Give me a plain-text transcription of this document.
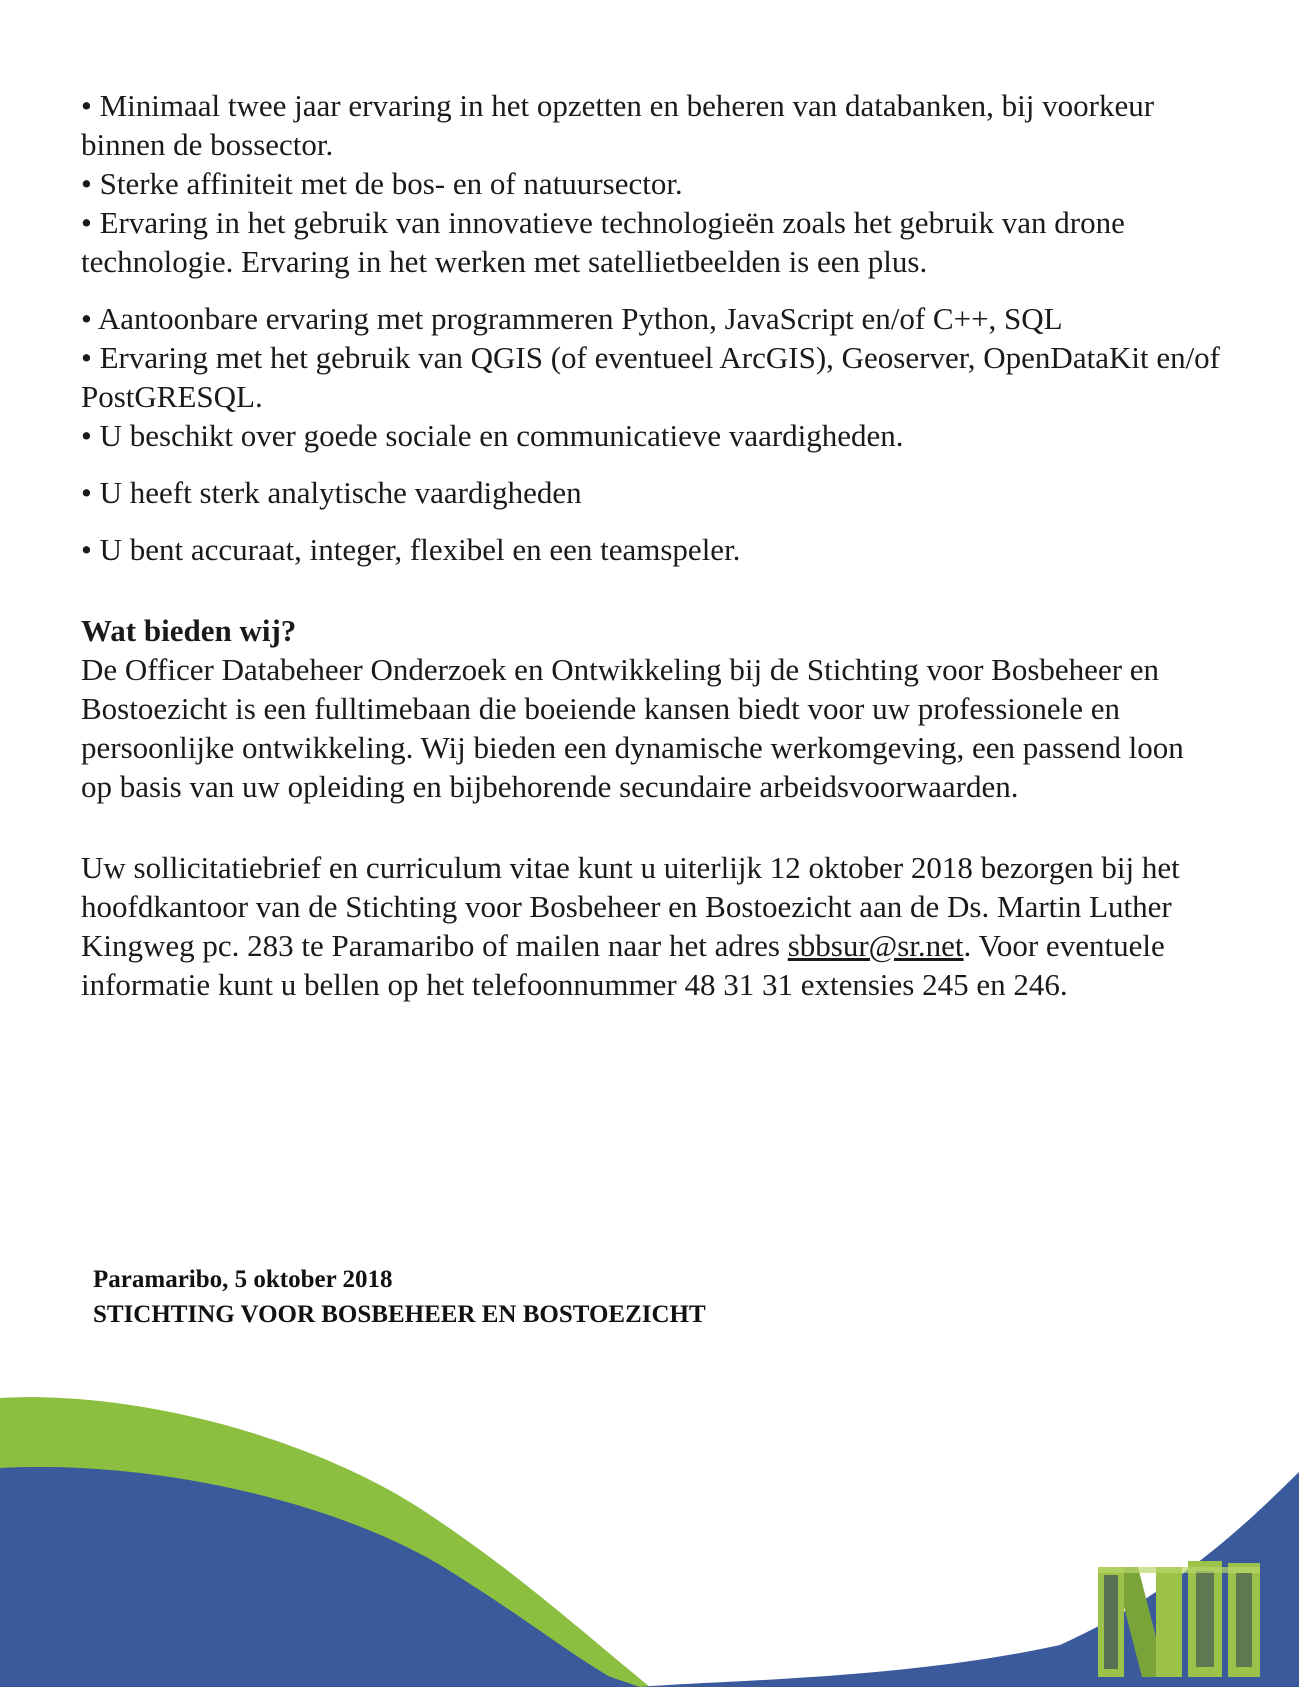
• Minimaal twee jaar ervaring in het opzetten en beheren van databanken, bij voorkeur binnen de bossector.

• Sterke affiniteit met de bos- en of natuursector.

• Ervaring in het gebruik van innovatieve technologieën zoals het gebruik van drone technologie. Ervaring in het werken met satellietbeelden is een plus.

• Aantoonbare ervaring met programmeren Python, JavaScript en/of C++, SQL

• Ervaring met het gebruik van QGIS (of eventueel ArcGIS), Geoserver, OpenDataKit en/of PostGRESQL.

• U beschikt over goede sociale en communicatieve vaardigheden.

• U heeft sterk analytische vaardigheden

• U bent accuraat, integer, flexibel en een teamspeler.

Wat bieden wij?

De Officer Databeheer Onderzoek en Ontwikkeling bij de Stichting voor Bosbeheer en Bostoezicht is een fulltimebaan die boeiende kansen biedt voor uw professionele en persoonlijke ontwikkeling. Wij bieden een dynamische werkomgeving, een passend loon op basis van uw opleiding en bijbehorende secundaire arbeidsvoorwaarden.

Uw sollicitatiebrief en curriculum vitae kunt u uiterlijk 12 oktober 2018 bezorgen bij het hoofdkantoor van de Stichting voor Bosbeheer en Bostoezicht aan de Ds. Martin Luther Kingweg pc. 283 te Paramaribo of mailen naar het adres sbbsur@sr.net. Voor eventuele informatie kunt u bellen op het telefoonnummer 48 31 31 extensies 245 en 246.

Paramaribo, 5 oktober 2018
STICHTING VOOR BOSBEHEER EN BOSTOEZICHT
